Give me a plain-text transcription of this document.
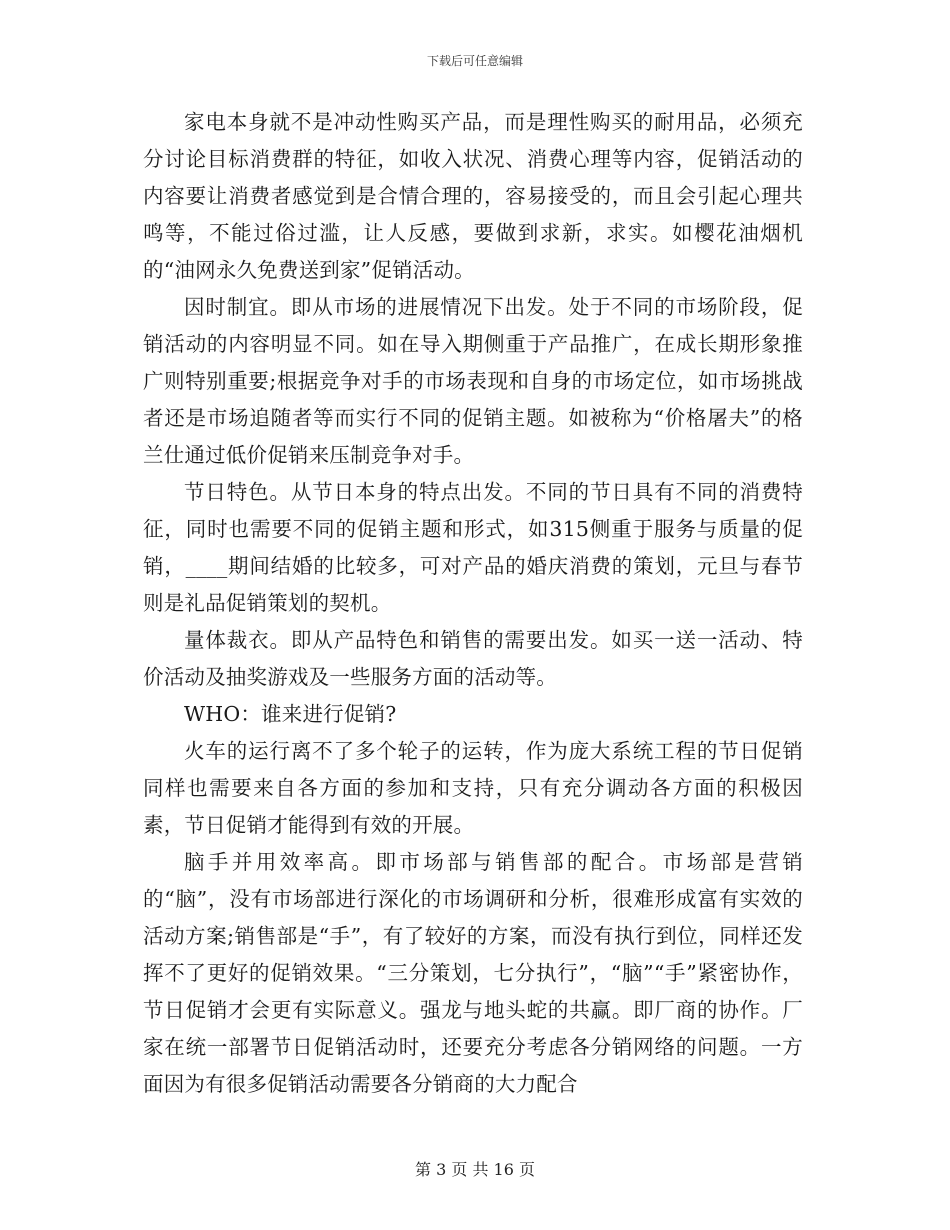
下载后可任意编辑

家电本身就不是冲动性购买产品，而是理性购买的耐用品，必须充分讨论目标消费群的特征，如收入状况、消费心理等内容，促销活动的内容要让消费者感觉到是合情合理的，容易接受的，而且会引起心理共鸣等，不能过俗过滥，让人反感，要做到求新，求实。如樱花油烟机的“油网永久免费送到家”促销活动。

因时制宜。即从市场的进展情况下出发。处于不同的市场阶段，促销活动的内容明显不同。如在导入期侧重于产品推广，在成长期形象推广则特别重要;根据竞争对手的市场表现和自身的市场定位，如市场挑战者还是市场追随者等而实行不同的促销主题。如被称为“价格屠夫”的格兰仕通过低价促销来压制竞争对手。

节日特色。从节日本身的特点出发。不同的节日具有不同的消费特征，同时也需要不同的促销主题和形式，如315侧重于服务与质量的促销，____期间结婚的比较多，可对产品的婚庆消费的策划，元旦与春节则是礼品促销策划的契机。

量体裁衣。即从产品特色和销售的需要出发。如买一送一活动、特价活动及抽奖游戏及一些服务方面的活动等。

WHO：谁来进行促销?

火车的运行离不了多个轮子的运转，作为庞大系统工程的节日促销同样也需要来自各方面的参加和支持，只有充分调动各方面的积极因素，节日促销才能得到有效的开展。

脑手并用效率高。即市场部与销售部的配合。市场部是营销的“脑”，没有市场部进行深化的市场调研和分析，很难形成富有实效的活动方案;销售部是“手”，有了较好的方案，而没有执行到位，同样还发挥不了更好的促销效果。“三分策划，七分执行”，“脑”“手”紧密协作，节日促销才会更有实际意义。强龙与地头蛇的共赢。即厂商的协作。厂家在统一部署节日促销活动时，还要充分考虑各分销网络的问题。一方面因为有很多促销活动需要各分销商的大力配合

第 3 页 共 16 页
